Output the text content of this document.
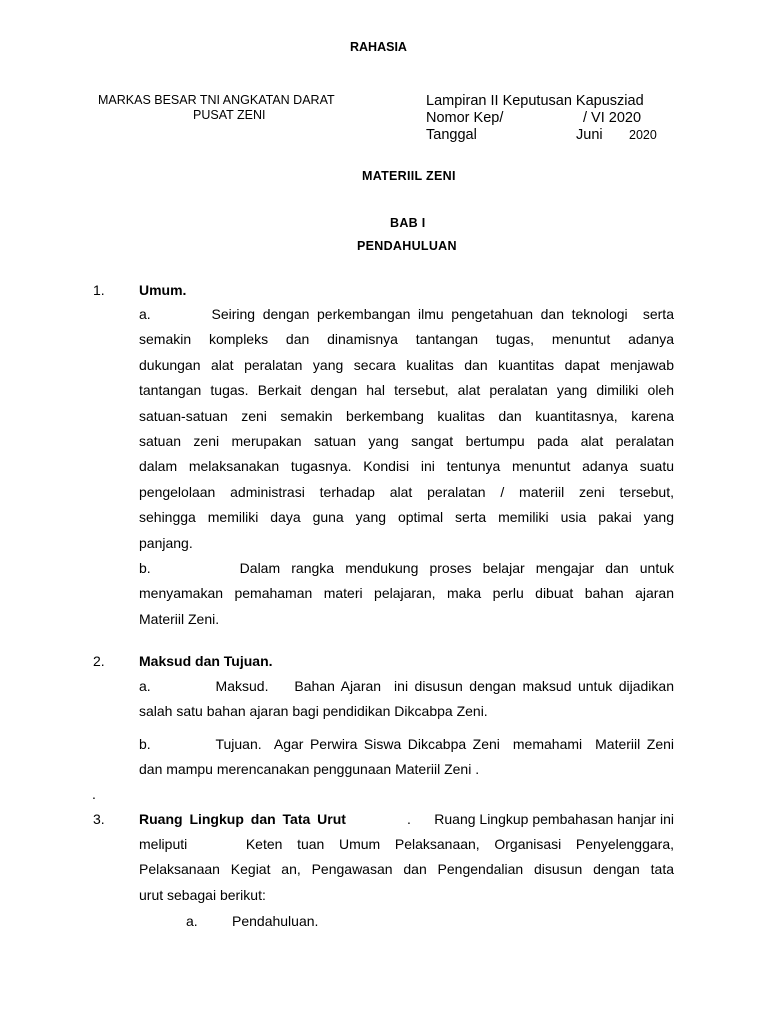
RAHASIA
MARKAS BESAR TNI ANGKATAN DARAT
PUSAT ZENI
Lampiran II Keputusan Kapusziad
Nomor Kep/	/ VI 2020
Tanggal	Juni 2020
MATERIIL ZENI
BAB I
PENDAHULUAN
1. Umum.
a.        Seiring dengan perkembangan ilmu pengetahuan dan teknologi  serta
semakin kompleks dan dinamisnya tantangan tugas, menuntut adanya
dukungan alat peralatan yang secara kualitas dan kuantitas dapat menjawab
tantangan tugas. Berkait dengan hal tersebut, alat peralatan yang dimiliki oleh
satuan-satuan zeni semakin berkembang kualitas dan kuantitasnya, karena
satuan zeni merupakan satuan yang sangat bertumpu pada alat peralatan
dalam melaksanakan tugasnya. Kondisi ini tentunya menuntut adanya suatu
pengelolaan administrasi terhadap alat peralatan / materiil zeni tersebut,
sehingga memiliki daya guna yang optimal serta memiliki usia pakai yang
panjang.
b.        Dalam rangka mendukung proses belajar mengajar dan untuk
menyamakan pemahaman materi pelajaran, maka perlu dibuat bahan ajaran
Materiil Zeni.
2. Maksud dan Tujuan.
a.          Maksud.    Bahan Ajaran  ini disusun dengan maksud untuk dijadikan
salah satu bahan ajaran bagi pendidikan Dikcabpa Zeni.
b.          Tujuan.  Agar Perwira Siswa Dikcabpa Zeni  memahami  Materiil Zeni
dan mampu merencanakan penggunaan Materiil Zeni .
.
3. Ruang Lingkup dan Tata Urut	.      Ruang Lingkup pembahasan hanjar ini
meliputi    Keten tuan Umum Pelaksanaan, Organisasi Penyelenggara,
Pelaksanaan Kegiat an, Pengawasan dan Pengendalian disusun dengan tata
urut sebagai berikut:
a. Pendahuluan.
